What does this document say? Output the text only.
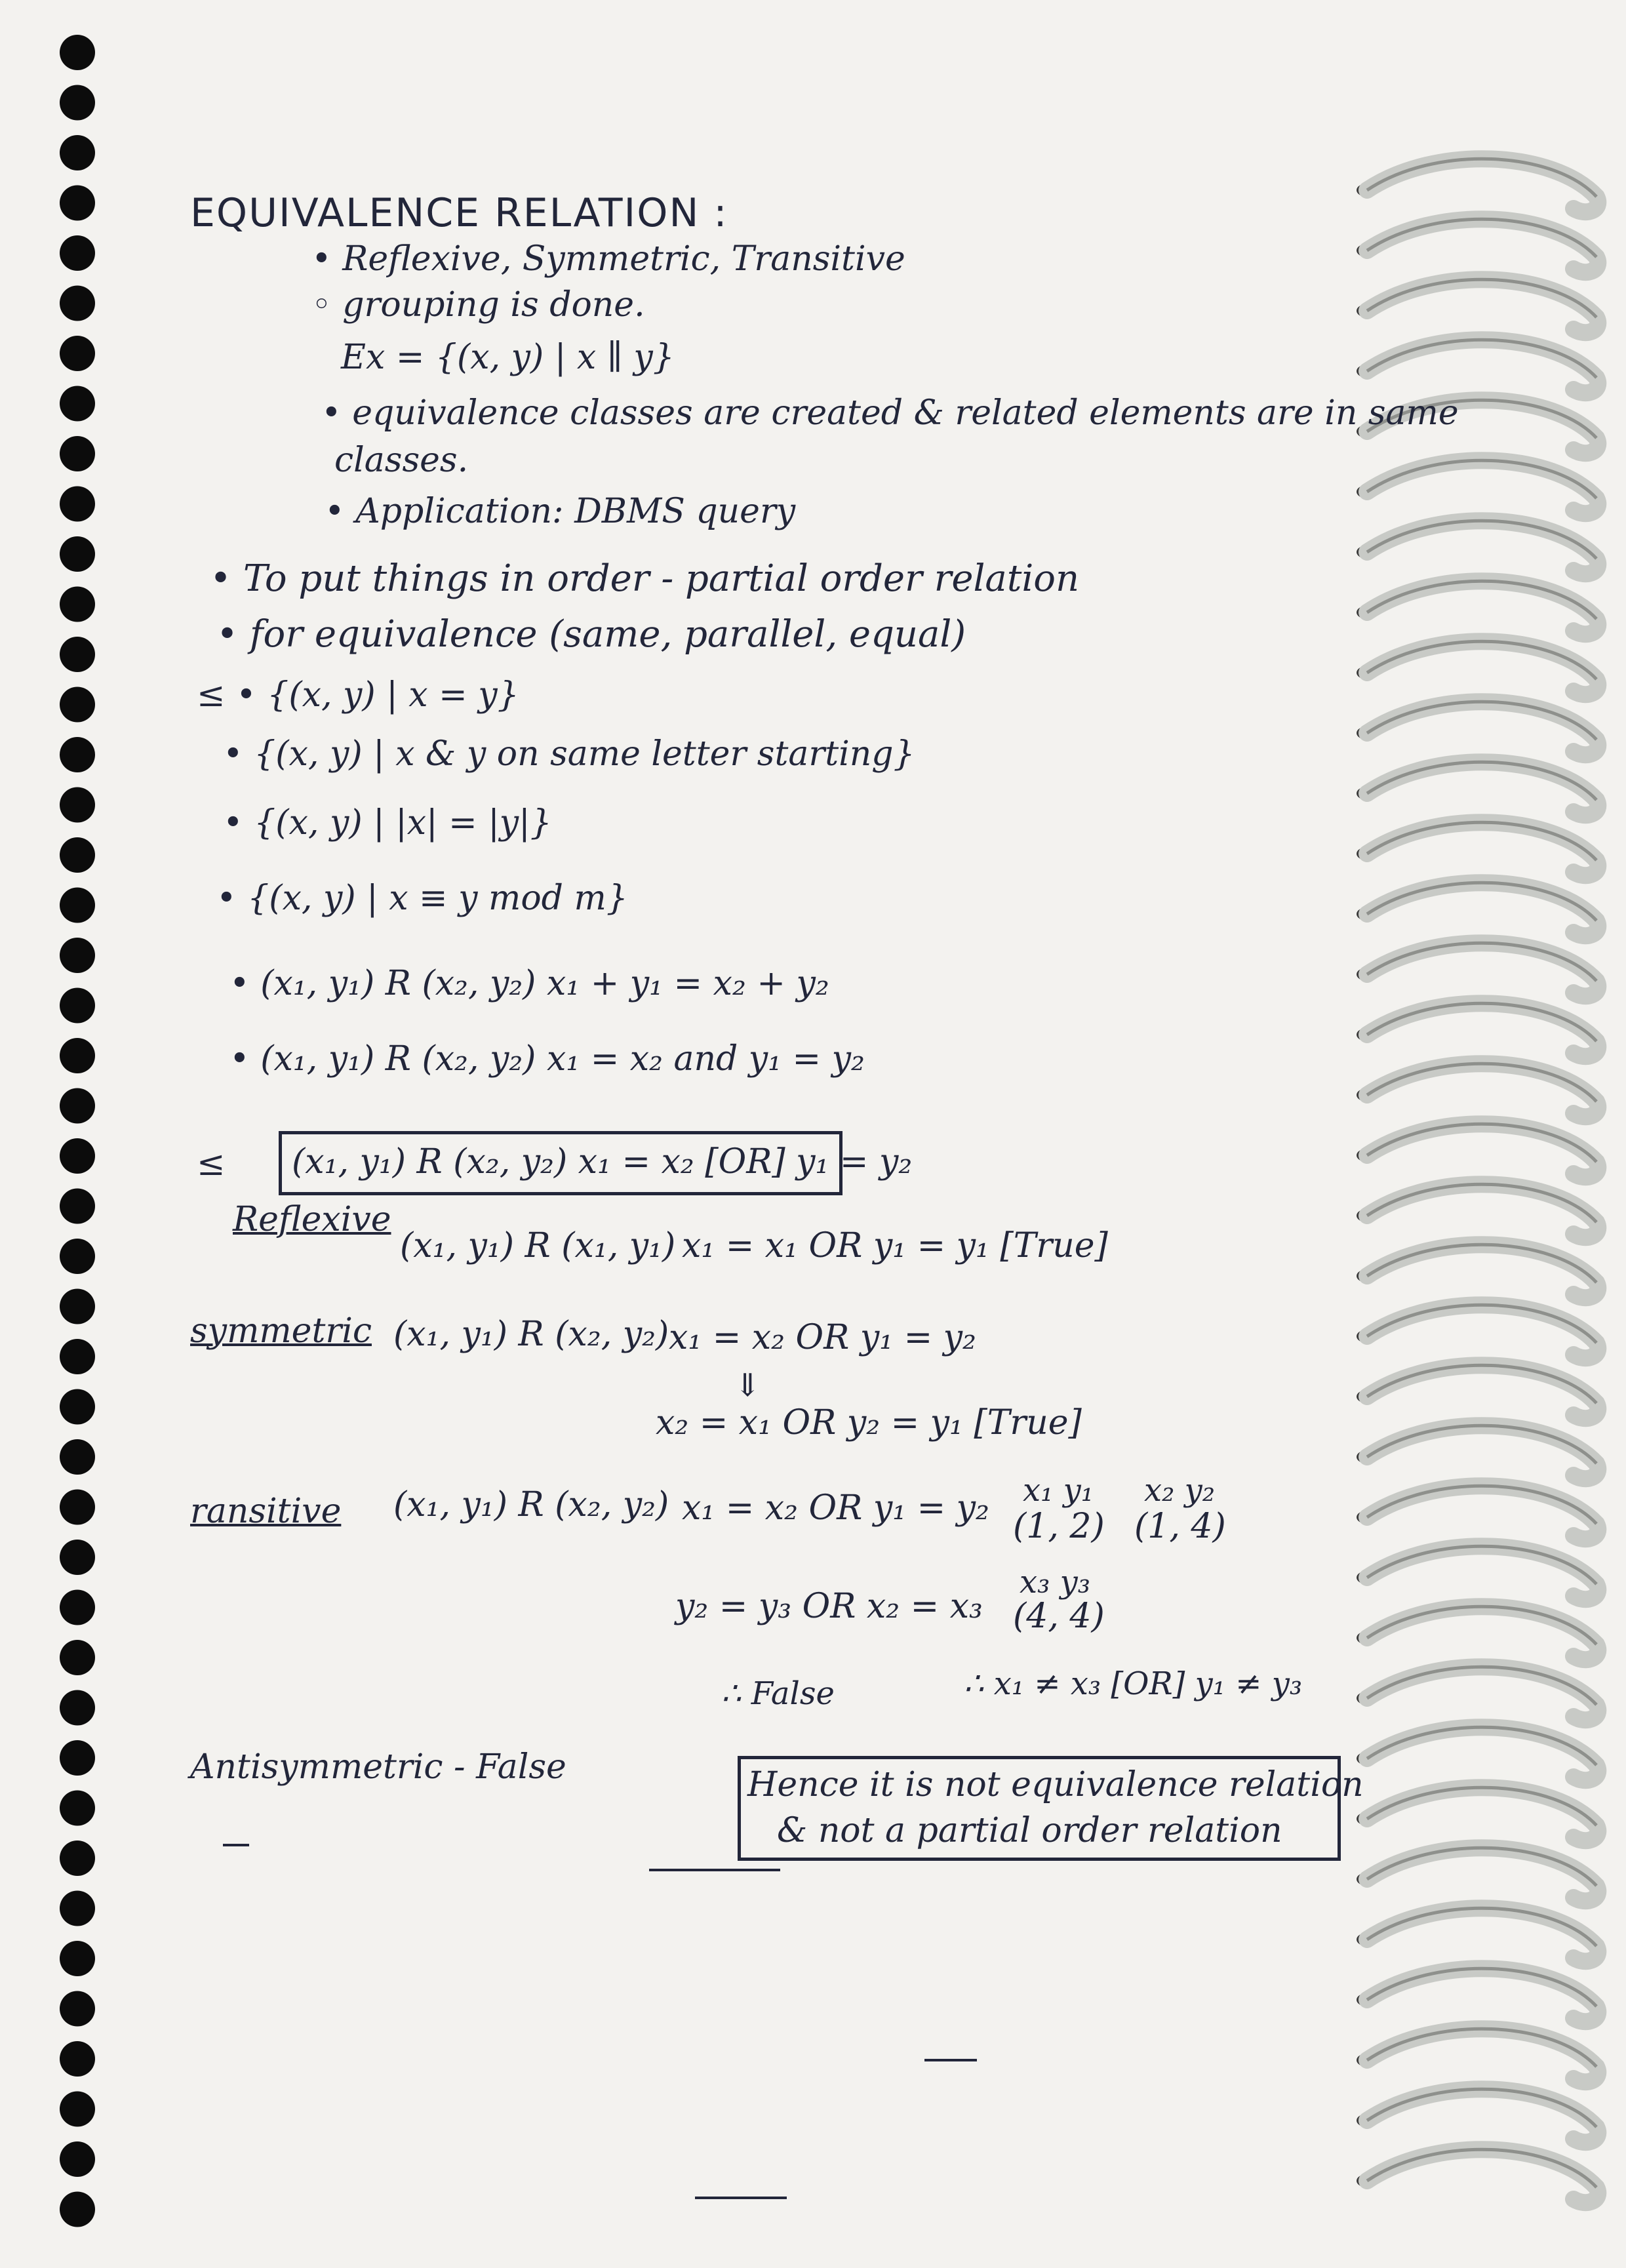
EQUIVALENCE RELATION :
• Reflexive, Symmetric, Transitive
◦ grouping is done.
Ex = {(x, y) | x ∥ y}
• equivalence classes are created & related elements are in same
classes.
• Application: DBMS query
• To put things in order - partial order relation
• for equivalence (same, parallel, equal)
≤ • {(x, y) | x = y}
• {(x, y) | x & y on same letter starting}
• {(x, y) | |x| = |y|}
• {(x, y) | x ≡ y mod m}
• (x₁, y₁) R (x₂, y₂) x₁ + y₁ = x₂ + y₂
• (x₁, y₁) R (x₂, y₂) x₁ = x₂ and y₁ = y₂
≤ (x₁, y₁) R (x₂, y₂) x₁ = x₂ [OR] y₁ = y₂
Reflexive
(x₁, y₁) R (x₁, y₁) x₁ = x₁ OR y₁ = y₁ [True]
symmetric (x₁, y₁) R (x₂, y₂) x₁ = x₂ OR y₁ = y₂
⇓
x₂ = x₁ OR y₂ = y₁ [True]
ransitive (x₁, y₁) R (x₂, y₂) x₁ = x₂ OR y₁ = y₂ x₁ y₁
(1, 2)
x₂ y₂
(1, 4)
y₂ = y₃ OR x₂ = x₃
x₃ y₃
(4, 4)
∴ False	∴ x₁ ≠ x₃ [OR] y₁ ≠ y₃
Antisymmetric - False	Hence it is not equivalence relation
& not a partial order relation
